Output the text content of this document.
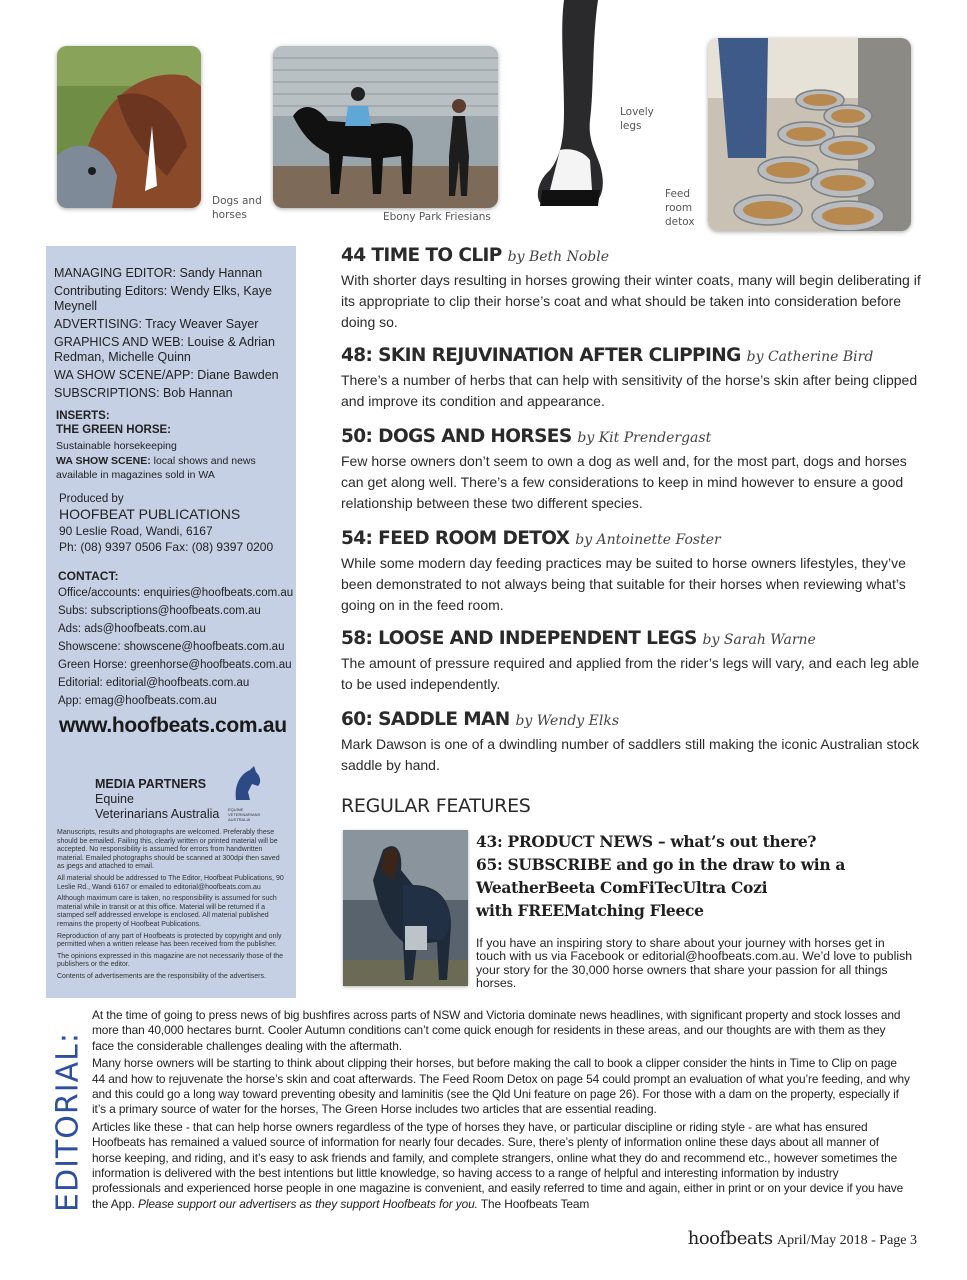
Dogs and
horses	Ebony Park Friesians
Lovely
legs
Feed
room
detox
MANAGING EDITOR: Sandy Hannan
Contributing Editors: Wendy Elks, Kaye Meynell
ADVERTISING: Tracy Weaver Sayer
GRAPHICS AND WEB: Louise & Adrian Redman, Michelle Quinn
WA SHOW SCENE/APP: Diane Bawden
SUBSCRIPTIONS: Bob Hannan
INSERTS:
THE GREEN HORSE:
Sustainable horsekeeping
WA SHOW SCENE: local shows and news available in magazines sold in WA
Produced by
HOOFBEAT PUBLICATIONS
90 Leslie Road, Wandi, 6167
Ph: (08) 9397 0506 Fax: (08) 9397 0200
CONTACT:
Office/accounts: enquiries@hoofbeats.com.au
Subs: subscriptions@hoofbeats.com.au
Ads: ads@hoofbeats.com.au
Showscene: showscene@hoofbeats.com.au
Green Horse: greenhorse@hoofbeats.com.au
Editorial: editorial@hoofbeats.com.au
App: emag@hoofbeats.com.au
www.hoofbeats.com.au
MEDIA PARTNERS
Equine
Veterinarians Australia	EQUINE
VETERINARIANS
AUSTRALIA
Manuscripts, results and photographs are welcomed. Preferably these should be emailed. Failing this, clearly written or printed material will be accepted. No responsibility is assumed for errors from handwritten material. Emailed photographs should be scanned at 300dpi then saved as jpegs and attached to email.
All material should be addressed to The Editor, Hoofbeat Publications, 90 Leslie Rd., Wandi 6167 or emailed to editorial@hoofbeats.com.au
Although maximum care is taken, no responsibility is assumed for such material while in transit or at this office. Material will be returned if a stamped self addressed envelope is enclosed. All material published remains the property of Hoofbeat Publications.
Reproduction of any part of Hoofbeats is protected by copyright and only permitted when a written release has been received from the publisher.
The opinions expressed in this magazine are not necessarily those of the publishers or the editor.
Contents of advertisements are the responsibility of the advertisers.
44 TIME TO CLIP by Beth Noble
With shorter days resulting in horses growing their winter coats, many will begin deliberating if its appropriate to clip their horse’s coat and what should be taken into consideration before doing so.
48: SKIN REJUVINATION AFTER CLIPPING by Catherine Bird
There’s a number of herbs that can help with sensitivity of the horse’s skin after being clipped and improve its condition and appearance.
50: DOGS AND HORSES by Kit Prendergast
Few horse owners don’t seem to own a dog as well and, for the most part, dogs and horses can get along well. There’s a few considerations to keep in mind however to ensure a good relationship between these two different species.
54: FEED ROOM DETOX by Antoinette Foster
While some modern day feeding practices may be suited to horse owners lifestyles, they’ve been demonstrated to not always being that suitable for their horses when reviewing what’s going on in the feed room.
58: LOOSE AND INDEPENDENT LEGS by Sarah Warne
The amount of pressure required and applied from the rider’s legs will vary, and each leg able to be used independently.
60: SADDLE MAN by Wendy Elks
Mark Dawson is one of a dwindling number of saddlers still making the iconic Australian stock saddle by hand.
REGULAR FEATURES
43: PRODUCT NEWS – what’s out there?
65: SUBSCRIBE and go in the draw to win a
WeatherBeeta ComFiTecUltra Cozi
with FREEMatching Fleece
If you have an inspiring story to share about your journey with horses get in touch with us via Facebook or editorial@hoofbeats.com.au. We’d love to publish your story for the 30,000 horse owners that share your passion for all things horses.
EDITORIAL:
At the time of going to press news of big bushfires across parts of NSW and Victoria dominate news headlines, with significant property and stock losses and more than 40,000 hectares burnt. Cooler Autumn conditions can’t come quick enough for residents in these areas, and our thoughts are with them as they face the considerable challenges dealing with the aftermath.
Many horse owners will be starting to think about clipping their horses, but before making the call to book a clipper consider the hints in Time to Clip on page 44 and how to rejuvenate the horse’s skin and coat afterwards. The Feed Room Detox on page 54 could prompt an evaluation of what you’re feeding, and why and this could go a long way toward preventing obesity and laminitis (see the Qld Uni feature on page 26). For those with a dam on the property, especially if it’s a primary source of water for the horses, The Green Horse includes two articles that are essential reading.
Articles like these - that can help horse owners regardless of the type of horses they have, or particular discipline or riding style - are what has ensured Hoofbeats has remained a valued source of information for nearly four decades. Sure, there’s plenty of information online these days about all manner of horse keeping, and riding, and it’s easy to ask friends and family, and complete strangers, online what they do and recommend etc., however sometimes the information is delivered with the best intentions but little knowledge, so having access to a range of helpful and interesting information by industry professionals and experienced horse people in one magazine is convenient, and easily referred to time and again, either in print or on your device if you have the App. Please support our advertisers as they support Hoofbeats for you. The Hoofbeats Team
hoofbeats April/May 2018 - Page 3
